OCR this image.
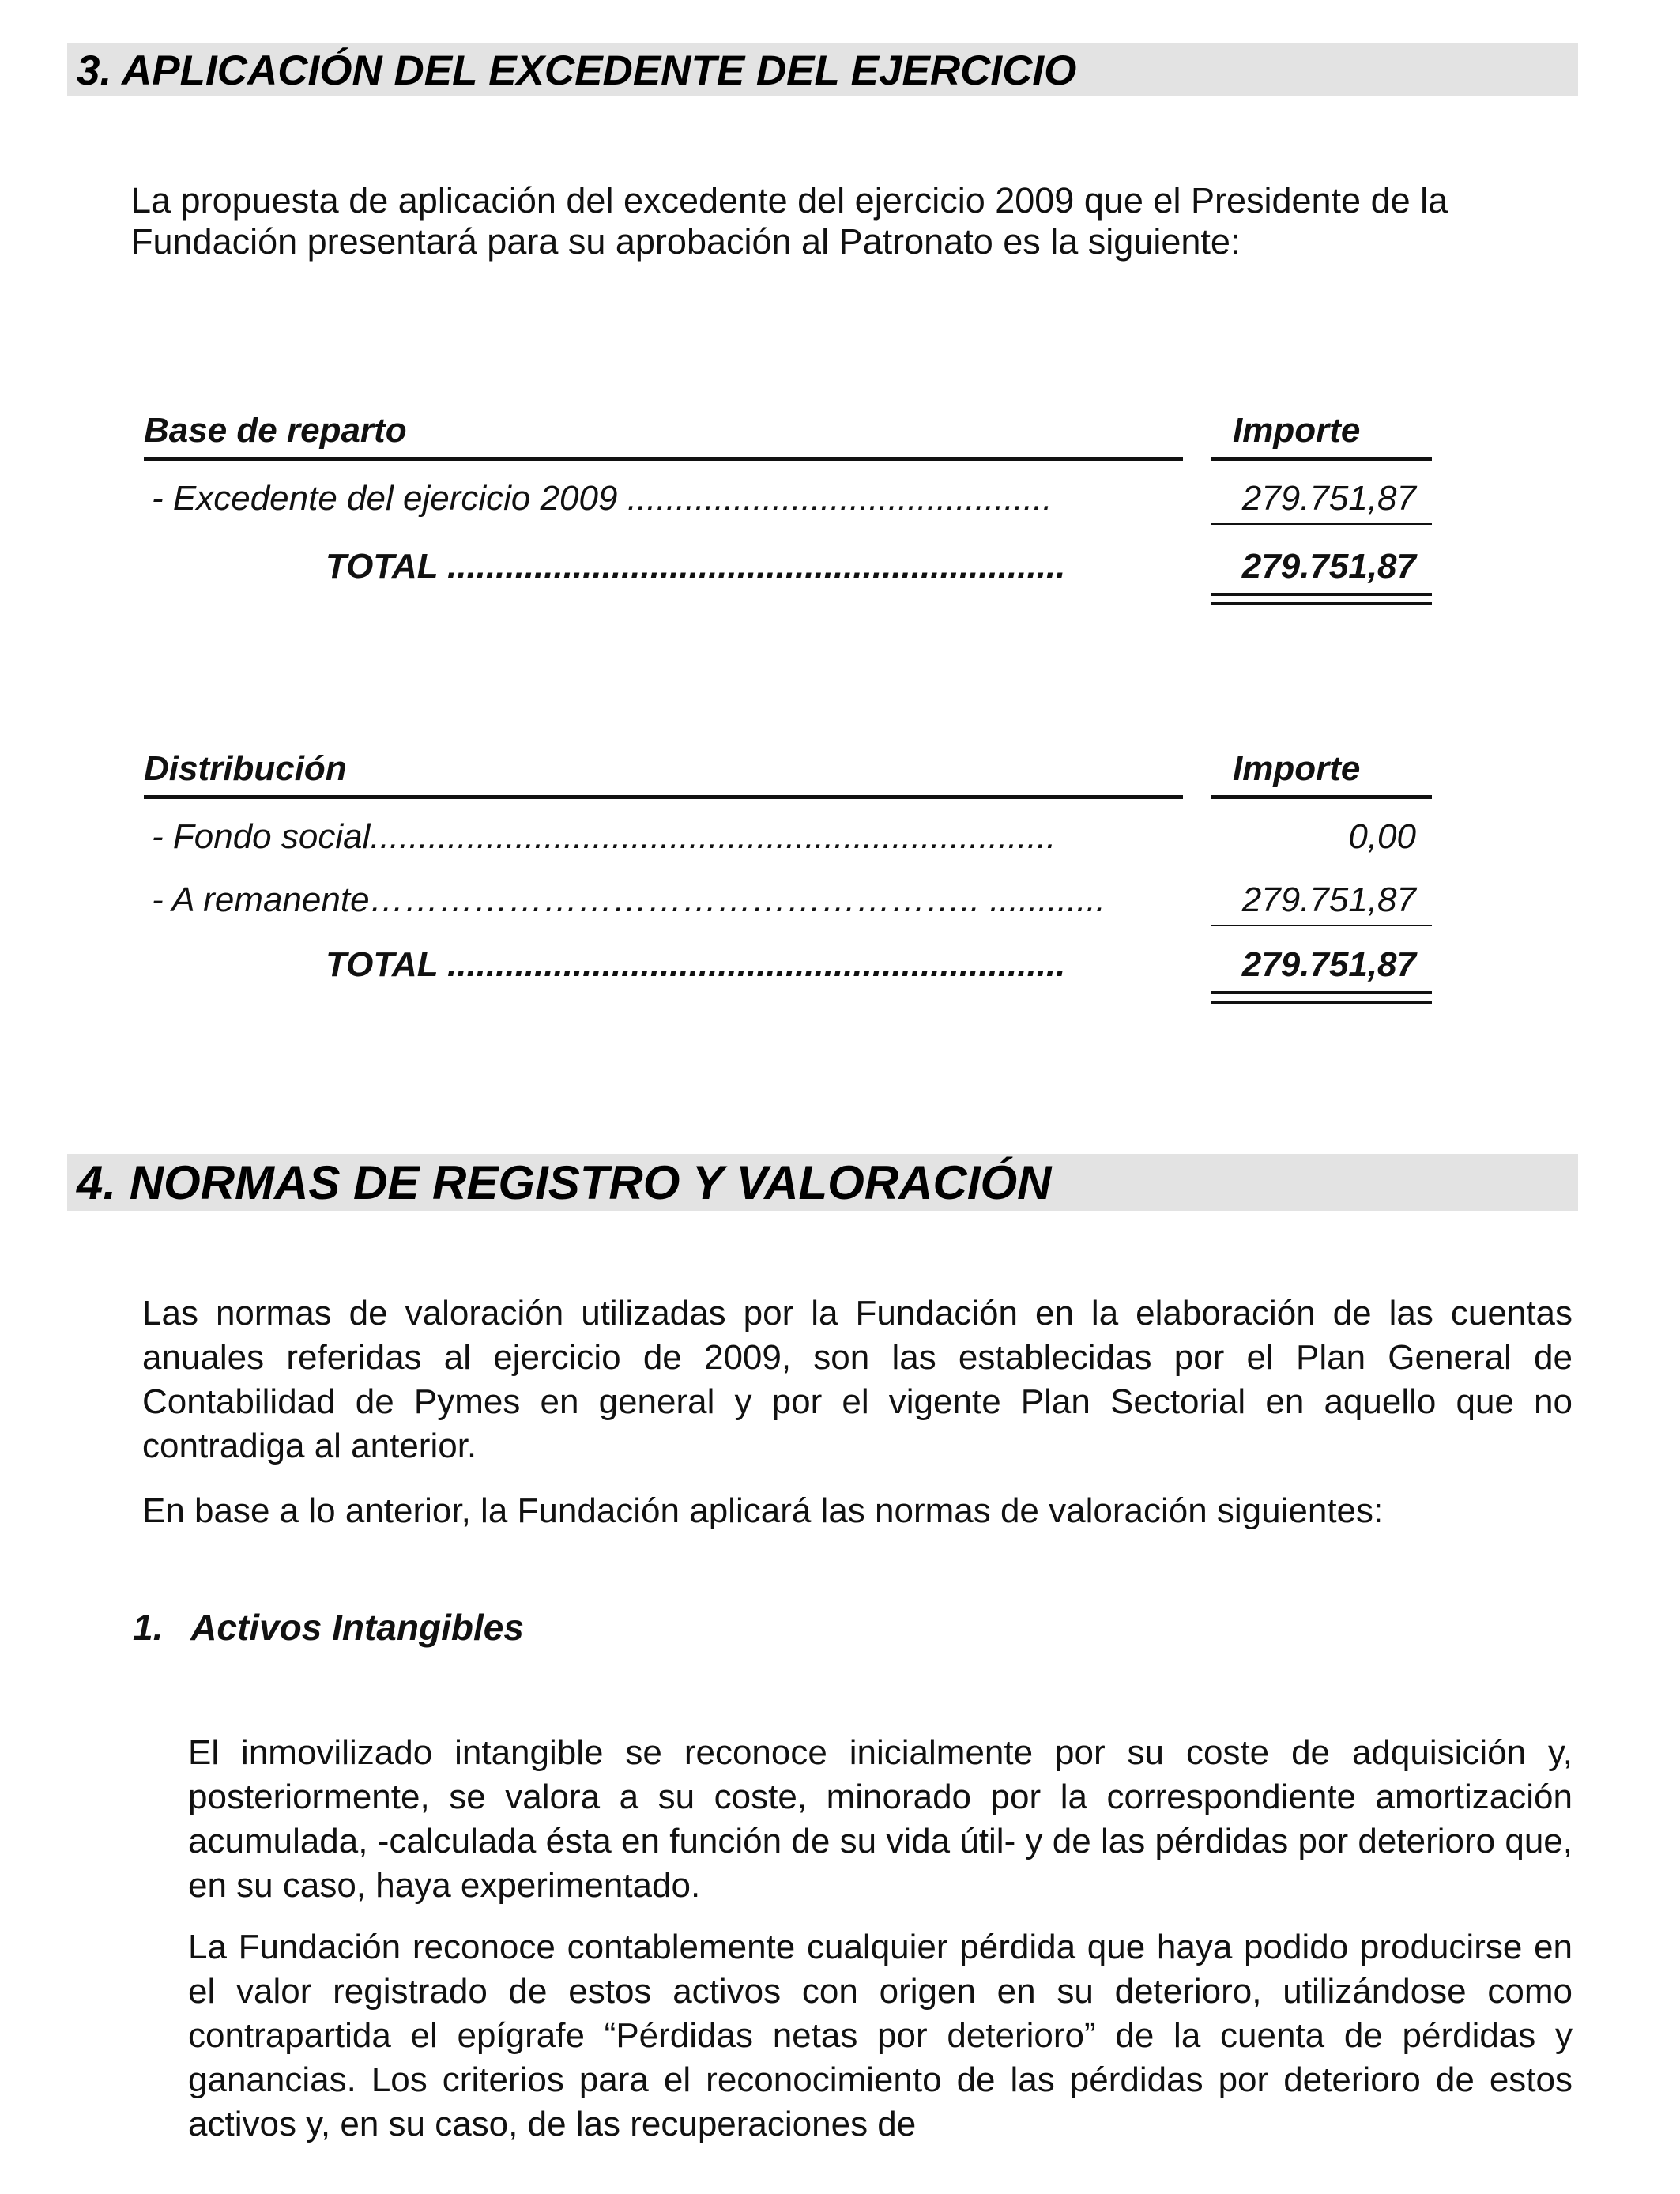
3. APLICACIÓN DEL EXCEDENTE DEL EJERCICIO
La propuesta de aplicación del excedente del ejercicio 2009 que el Presidente de la Fundación presentará para su aprobación al Patronato es la siguiente:
Base de reparto	Importe
- Excedente del ejercicio 2009 ............................................	279.751,87
TOTAL ................................................................	279.751,87
Distribución	Importe
- Fondo social.......................................................................	0,00
- A remanente…………………………………………….. ............	279.751,87
TOTAL ................................................................	279.751,87
4. NORMAS DE REGISTRO Y VALORACIÓN
Las normas de valoración utilizadas por la Fundación en la elaboración de las cuentas anuales referidas al ejercicio de 2009, son las establecidas por el Plan General de Contabilidad de Pymes en general y por el vigente Plan Sectorial en aquello que no contradiga al anterior.
En base a lo anterior, la Fundación aplicará las normas de valoración siguientes:
1. Activos Intangibles
El inmovilizado intangible se reconoce inicialmente por su coste de adquisición y, posteriormente, se valora a su coste, minorado por la correspondiente amortización acumulada, -calculada ésta en función de su vida útil- y de las pérdidas por deterioro que, en su caso, haya experimentado.
La Fundación reconoce contablemente cualquier pérdida que haya podido producirse en el valor registrado de estos activos con origen en su deterioro, utilizándose como contrapartida el epígrafe “Pérdidas netas por deterioro” de la cuenta de pérdidas y ganancias. Los criterios para el reconocimiento de las pérdidas por deterioro de estos activos y, en su caso, de las recuperaciones de
